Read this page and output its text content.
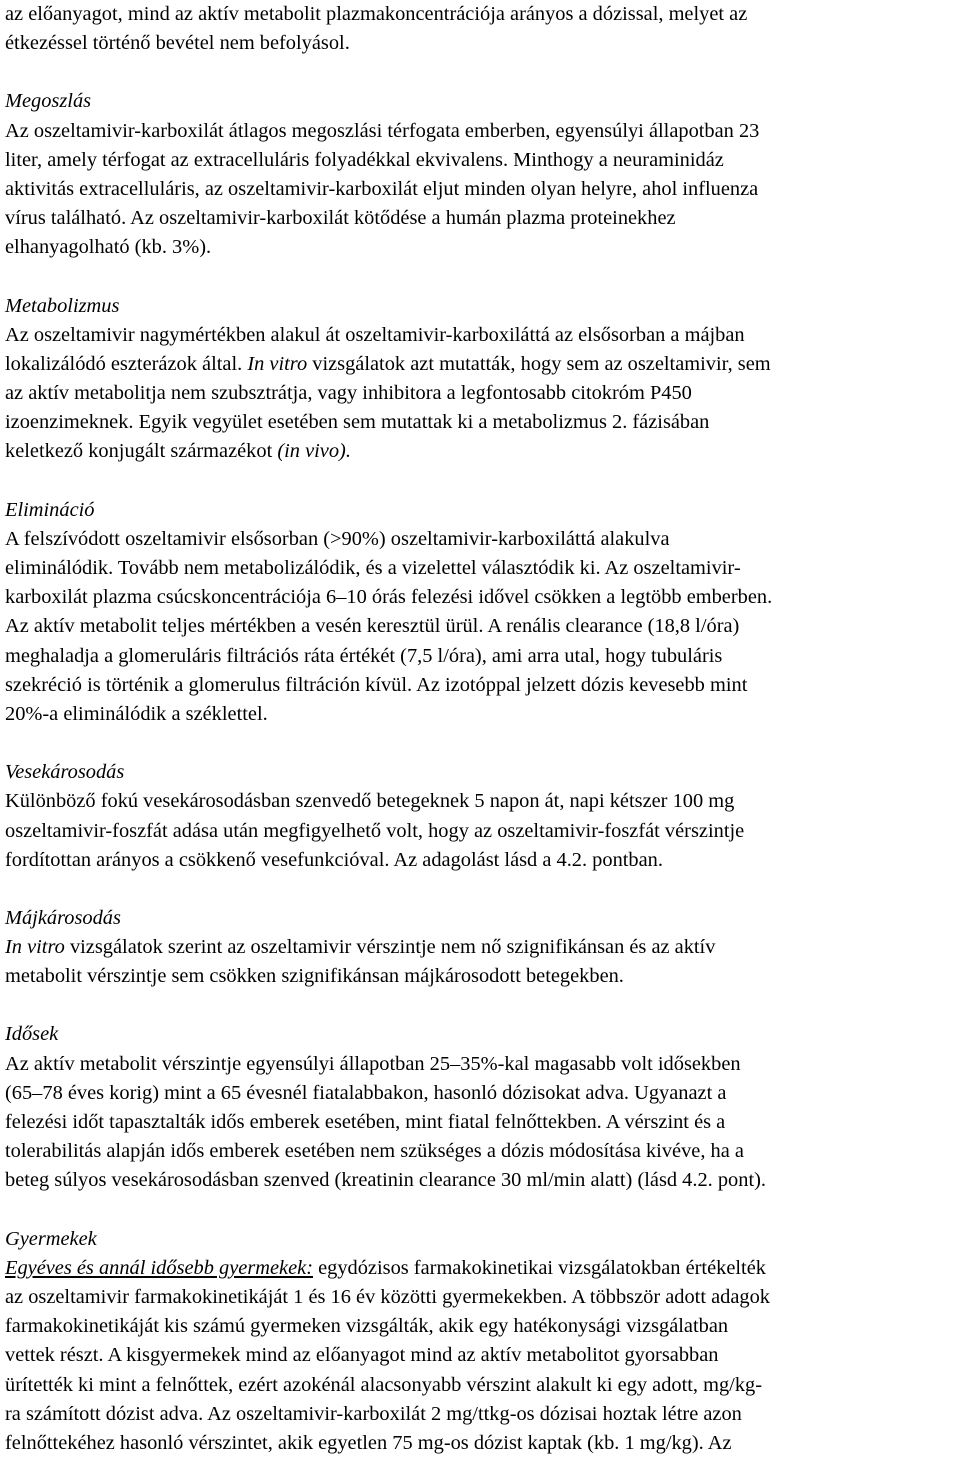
az előanyagot, mind az aktív metabolit plazmakoncentrációja arányos a dózissal, melyet az
étkezéssel történő bevétel nem befolyásol.
Megoszlás
Az oszeltamivir-karboxilát átlagos megoszlási térfogata emberben, egyensúlyi állapotban 23
liter, amely térfogat az extracelluláris folyadékkal ekvivalens. Minthogy a neuraminidáz
aktivitás extracelluláris, az oszeltamivir-karboxilát eljut minden olyan helyre, ahol influenza
vírus található. Az oszeltamivir-karboxilát kötődése a humán plazma proteinekhez
elhanyagolható (kb. 3%).
Metabolizmus
Az oszeltamivir nagymértékben alakul át oszeltamivir-karboxiláttá az elsősorban a májban
lokalizálódó eszterázok által. In vitro vizsgálatok azt mutatták, hogy sem az oszeltamivir, sem
az aktív metabolitja nem szubsztrátja, vagy inhibitora a legfontosabb citokróm P450
izoenzimeknek. Egyik vegyület esetében sem mutattak ki a metabolizmus 2. fázisában
keletkező konjugált származékot (in vivo).
Elimináció
A felszívódott oszeltamivir elsősorban (>90%) oszeltamivir-karboxiláttá alakulva
eliminálódik. Tovább nem metabolizálódik, és a vizelettel választódik ki. Az oszeltamivir-
karboxilát plazma csúcskoncentrációja 6–10 órás felezési idővel csökken a legtöbb emberben.
Az aktív metabolit teljes mértékben a vesén keresztül ürül. A renális clearance (18,8 l/óra)
meghaladja a glomeruláris filtrációs ráta értékét (7,5 l/óra), ami arra utal, hogy tubuláris
szekréció is történik a glomerulus filtráción kívül. Az izotóppal jelzett dózis kevesebb mint
20%-a eliminálódik a széklettel.
Vesekárosodás
Különböző fokú vesekárosodásban szenvedő betegeknek 5 napon át, napi kétszer 100 mg
oszeltamivir-foszfát adása után megfigyelhető volt, hogy az oszeltamivir-foszfát vérszintje
fordítottan arányos a csökkenő vesefunkcióval. Az adagolást lásd a 4.2. pontban.
Májkárosodás
In vitro vizsgálatok szerint az oszeltamivir vérszintje nem nő szignifikánsan és az aktív
metabolit vérszintje sem csökken szignifikánsan májkárosodott betegekben.
Idősek
Az aktív metabolit vérszintje egyensúlyi állapotban 25–35%-kal magasabb volt idősekben
(65–78 éves korig) mint a 65 évesnél fiatalabbakon, hasonló dózisokat adva. Ugyanazt a
felezési időt tapasztalták idős emberek esetében, mint fiatal felnőttekben. A vérszint és a
tolerabilitás alapján idős emberek esetében nem szükséges a dózis módosítása kivéve, ha a
beteg súlyos vesekárosodásban szenved (kreatinin clearance 30 ml/min alatt) (lásd 4.2. pont).
Gyermekek
Egyéves és annál idősebb gyermekek: egydózisos farmakokinetikai vizsgálatokban értékelték
az oszeltamivir farmakokinetikáját 1 és 16 év közötti gyermekekben. A többször adott adagok
farmakokinetikáját kis számú gyermeken vizsgálták, akik egy hatékonysági vizsgálatban
vettek részt. A kisgyermekek mind az előanyagot mind az aktív metabolitot gyorsabban
ürítették ki mint a felnőttek, ezért azokénál alacsonyabb vérszint alakult ki egy adott, mg/kg-
ra számított dózist adva. Az oszeltamivir-karboxilát 2 mg/ttkg-os dózisai hoztak létre azon
felnőttekéhez hasonló vérszintet, akik egyetlen 75 mg-os dózist kaptak (kb. 1 mg/kg). Az
